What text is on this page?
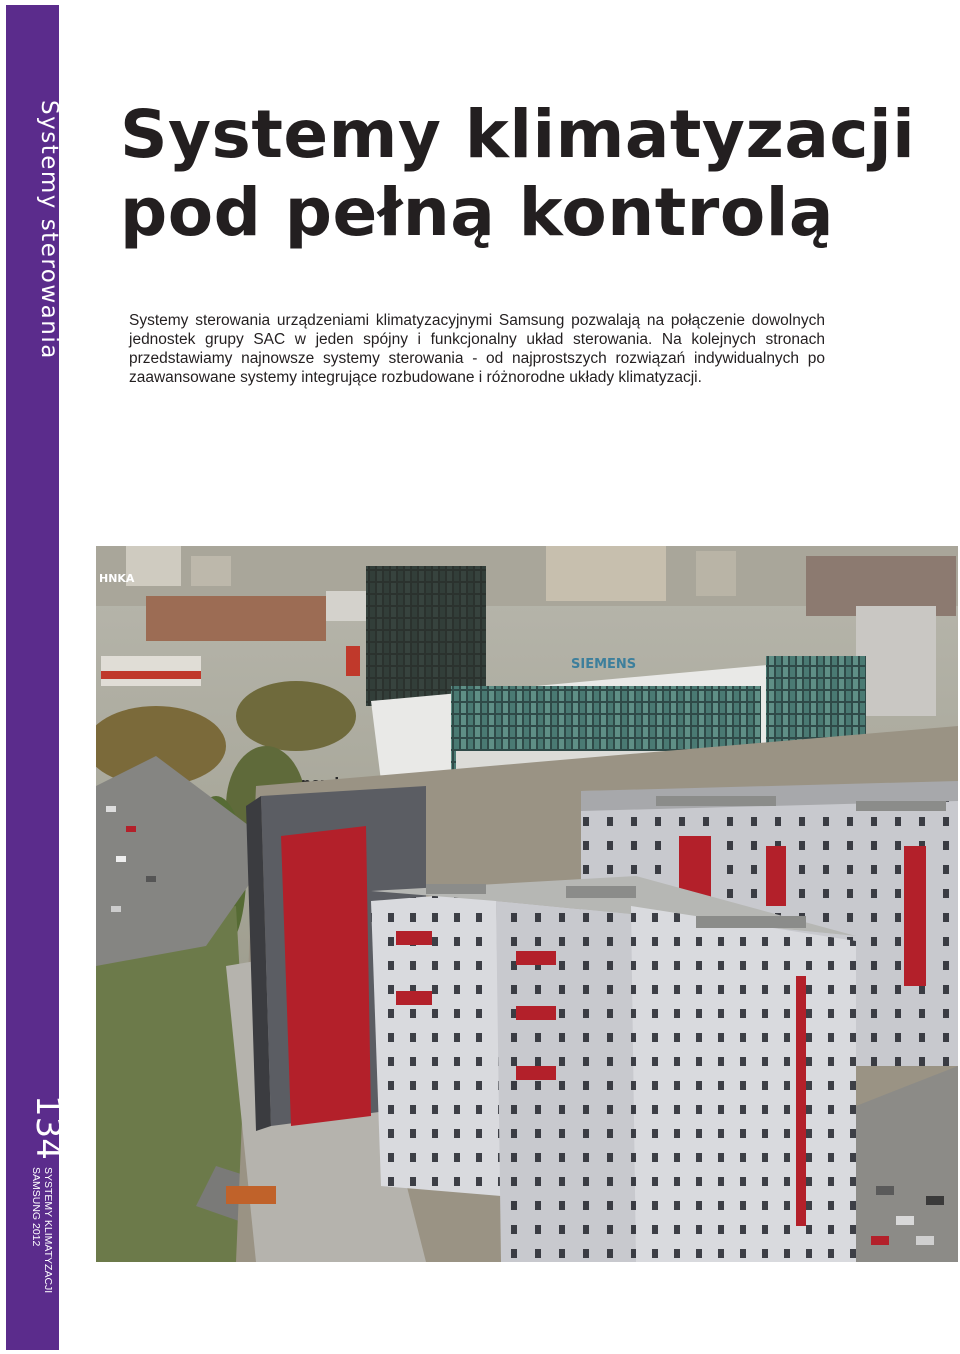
Systemy sterowania
134
SYSTEMY KLIMATYZACJI
SAMSUNG 2012
Systemy klimatyzacji
pod pełną kontrolą

Systemy sterowania urządzeniami klimatyzacyjnymi Samsung pozwalają na połączenie dowolnych jednostek grupy SAC w jeden spójny i funkcjonalny układ sterowania. Na kolejnych stronach przedstawiamy najnowsze systemy sterowania - od najprostszych rozwiązań indywidualnych po zaawansowane systemy integrujące rozbudowane i różnorodne układy klimatyzacji.

SIEMENS
HNKA
